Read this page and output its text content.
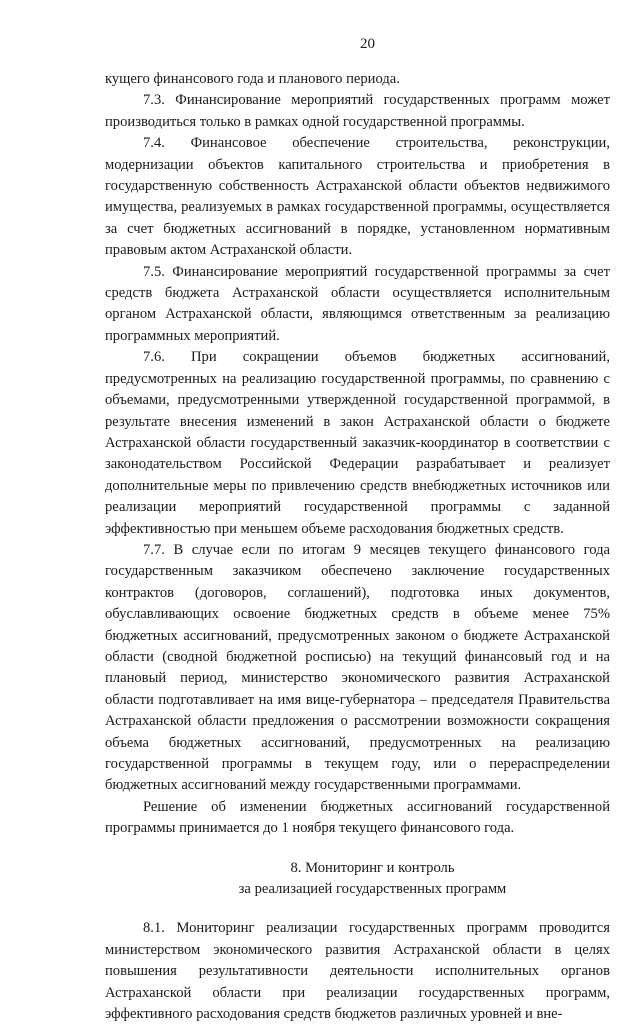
20

кущего финансового года и планового периода.

7.3. Финансирование мероприятий государственных программ может производиться только в рамках одной государственной программы.

7.4. Финансовое обеспечение строительства, реконструкции, модернизации объектов капитального строительства и приобретения в государственную собственность Астраханской области объектов недвижимого имущества, реализуемых в рамках государственной программы, осуществляется за счет бюджетных ассигнований в порядке, установленном нормативным правовым актом Астраханской области.

7.5. Финансирование мероприятий государственной программы за счет средств бюджета Астраханской области осуществляется исполнительным органом Астраханской области, являющимся ответственным за реализацию программных мероприятий.

7.6. При сокращении объемов бюджетных ассигнований, предусмотренных на реализацию государственной программы, по сравнению с объемами, предусмотренными утвержденной государственной программой, в результате внесения изменений в закон Астраханской области о бюджете Астраханской области государственный заказчик-координатор в соответствии с законодательством Российской Федерации разрабатывает и реализует дополнительные меры по привлечению средств внебюджетных источников или реализации мероприятий государственной программы с заданной эффективностью при меньшем объеме расходования бюджетных средств.

7.7. В случае если по итогам 9 месяцев текущего финансового года государственным заказчиком обеспечено заключение государственных контрактов (договоров, соглашений), подготовка иных документов, обуславливающих освоение бюджетных средств в объеме менее 75% бюджетных ассигнований, предусмотренных законом о бюджете Астраханской области (сводной бюджетной росписью) на текущий финансовый год и на плановый период, министерство экономического развития Астраханской области подготавливает на имя вице-губернатора – председателя Правительства Астраханской области предложения о рассмотрении возможности сокращения объема бюджетных ассигнований, предусмотренных на реализацию государственной программы в текущем году, или о перераспределении бюджетных ассигнований между государственными программами.

Решение об изменении бюджетных ассигнований государственной программы принимается до 1 ноября текущего финансового года.

8. Мониторинг и контроль
за реализацией государственных программ

8.1. Мониторинг реализации государственных программ проводится министерством экономического развития Астраханской области в целях повышения результативности деятельности исполнительных органов Астраханской области при реализации государственных программ, эффективного расходования средств бюджетов различных уровней и вне-
